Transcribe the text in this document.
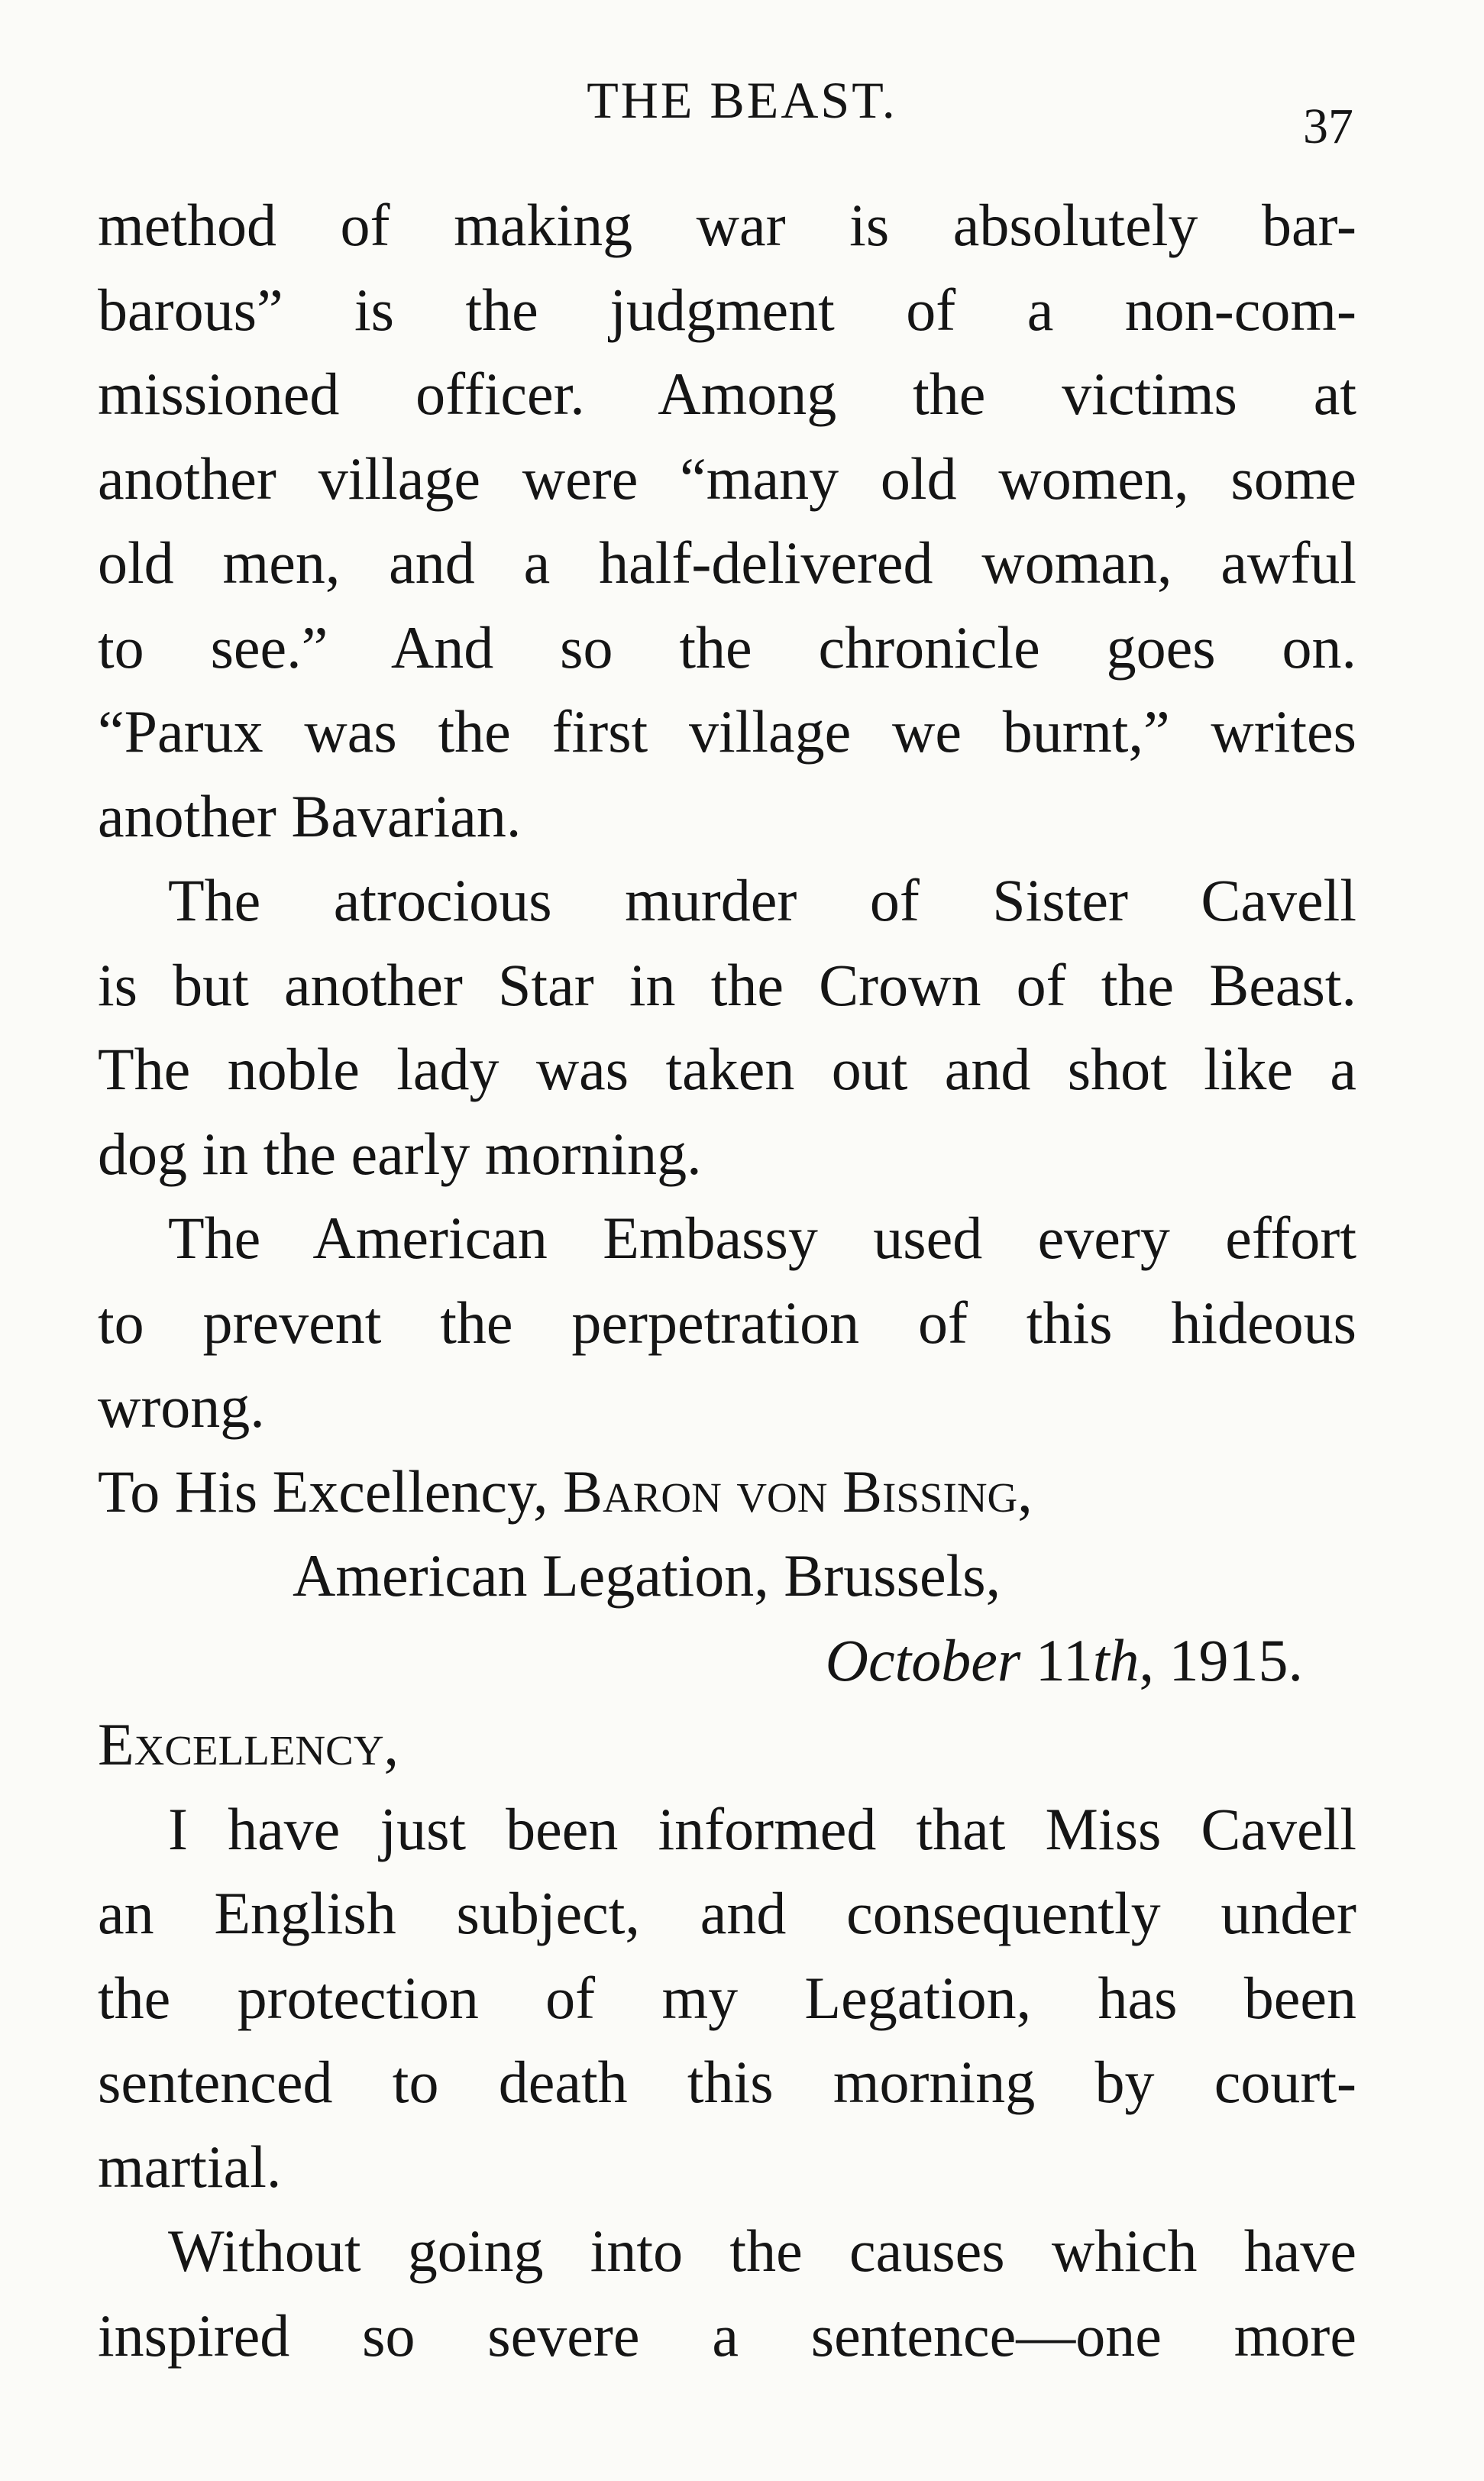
THE BEAST.	37
method of making war is absolutely bar-
barous” is the judgment of a non-com-
missioned officer. Among the victims at
another village were “many old women, some
old men, and a half-delivered woman, awful
to see.” And so the chronicle goes on.
“Parux was the first village we burnt,” writes
another Bavarian.
The atrocious murder of Sister Cavell
is but another Star in the Crown of the Beast.
The noble lady was taken out and shot like a
dog in the early morning.
The American Embassy used every effort
to prevent the perpetration of this hideous
wrong.
To His Excellency, Baron von Bissing,
American Legation, Brussels,
October 11th, 1915.
Excellency,
I have just been informed that Miss Cavell
an English subject, and consequently under
the protection of my Legation, has been
sentenced to death this morning by court-
martial.
Without going into the causes which have
inspired so severe a sentence—one more
